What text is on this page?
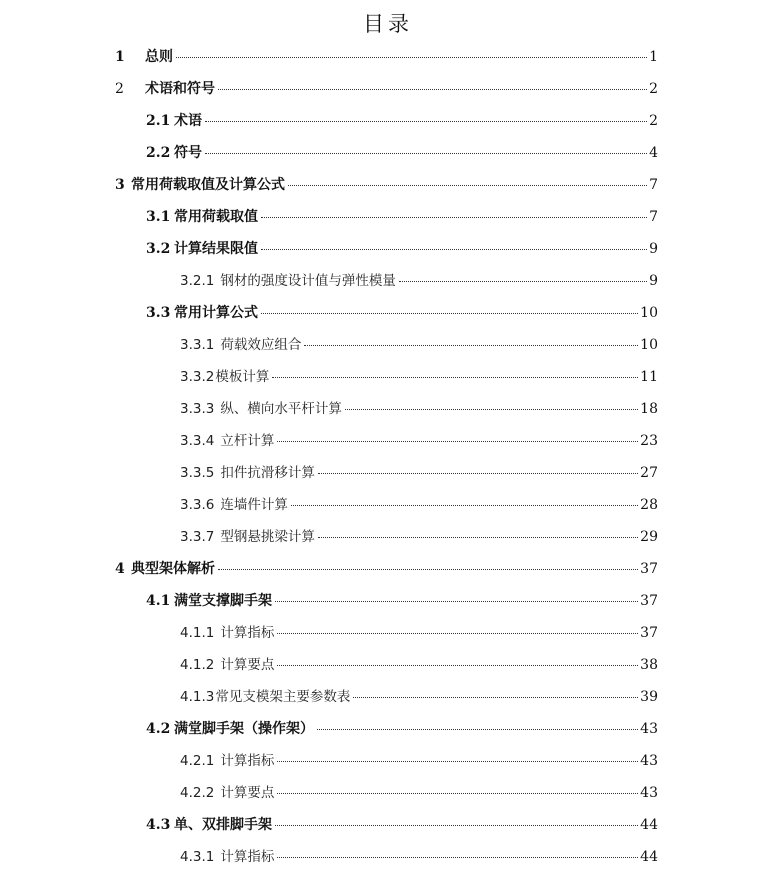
目录
1	总则	1
2	术语和符号	2
2.1 术语	2
2.2 符号	4
3 常用荷载取值及计算公式	7
3.1 常用荷载取值	7
3.2 计算结果限值	9
3.2.1 钢材的强度设计值与弹性模量	9
3.3 常用计算公式	10
3.3.1 荷载效应组合	10
3.3.2 模板计算	11
3.3.3 纵、横向水平杆计算	18
3.3.4 立杆计算	23
3.3.5 扣件抗滑移计算	27
3.3.6 连墙件计算	28
3.3.7 型钢悬挑梁计算	29
4 典型架体解析	37
4.1 满堂支撑脚手架	37
4.1.1 计算指标	37
4.1.2 计算要点	38
4.1.3 常见支模架主要参数表	39
4.2 满堂脚手架（操作架）	43
4.2.1 计算指标	43
4.2.2 计算要点	43
4.3 单、双排脚手架	44
4.3.1 计算指标	44
